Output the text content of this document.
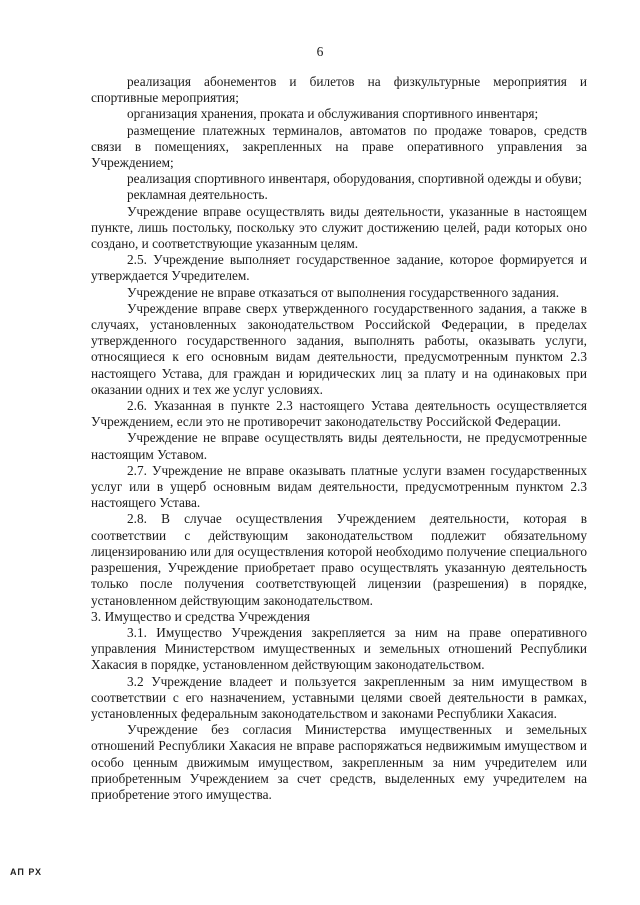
6

реализация абонементов и билетов на физкультурные мероприятия и спортивные мероприятия;

организация хранения, проката и обслуживания спортивного инвентаря;

размещение платежных терминалов, автоматов по продаже товаров, средств связи в помещениях, закрепленных на праве оперативного управления за Учреждением;

реализация спортивного инвентаря, оборудования, спортивной одежды и обуви;

рекламная деятельность.

Учреждение вправе осуществлять виды деятельности, указанные в настоящем пункте, лишь постольку, поскольку это служит достижению целей, ради которых оно создано, и соответствующие указанным целям.

2.5. Учреждение выполняет государственное задание, которое формируется и утверждается Учредителем.

Учреждение не вправе отказаться от выполнения государственного задания.

Учреждение вправе сверх утвержденного государственного задания, а также в случаях, установленных законодательством Российской Федерации, в пределах утвержденного государственного задания, выполнять работы, оказывать услуги, относящиеся к его основным видам деятельности, предусмотренным пунктом 2.3 настоящего Устава, для граждан и юридических лиц за плату и на одинаковых при оказании одних и тех же услуг условиях.

2.6. Указанная в пункте 2.3 настоящего Устава деятельность осуществляется Учреждением, если это не противоречит законодательству Российской Федерации.

Учреждение не вправе осуществлять виды деятельности, не предусмотренные настоящим Уставом.

2.7. Учреждение не вправе оказывать платные услуги взамен государственных услуг или в ущерб основным видам деятельности, предусмотренным пунктом 2.3 настоящего Устава.

2.8. В случае осуществления Учреждением деятельности, которая в соответствии с действующим законодательством подлежит обязательному лицензированию или для осуществления которой необходимо получение специального разрешения, Учреждение приобретает право осуществлять указанную деятельность только после получения соответствующей лицензии (разрешения) в порядке, установленном действующим законодательством.

3. Имущество и средства Учреждения

3.1. Имущество Учреждения закрепляется за ним на праве оперативного управления Министерством имущественных и земельных отношений Республики Хакасия в порядке, установленном действующим законодательством.

3.2 Учреждение владеет и пользуется закрепленным за ним имуществом в соответствии с его назначением, уставными целями своей деятельности в рамках, установленных федеральным законодательством и законами Республики Хакасия.

Учреждение без согласия Министерства имущественных и земельных отношений Республики Хакасия не вправе распоряжаться недвижимым имуществом и особо ценным движимым имуществом, закрепленным за ним учредителем или приобретенным Учреждением за счет средств, выделенных ему учредителем на приобретение этого имущества.

АП РХ
